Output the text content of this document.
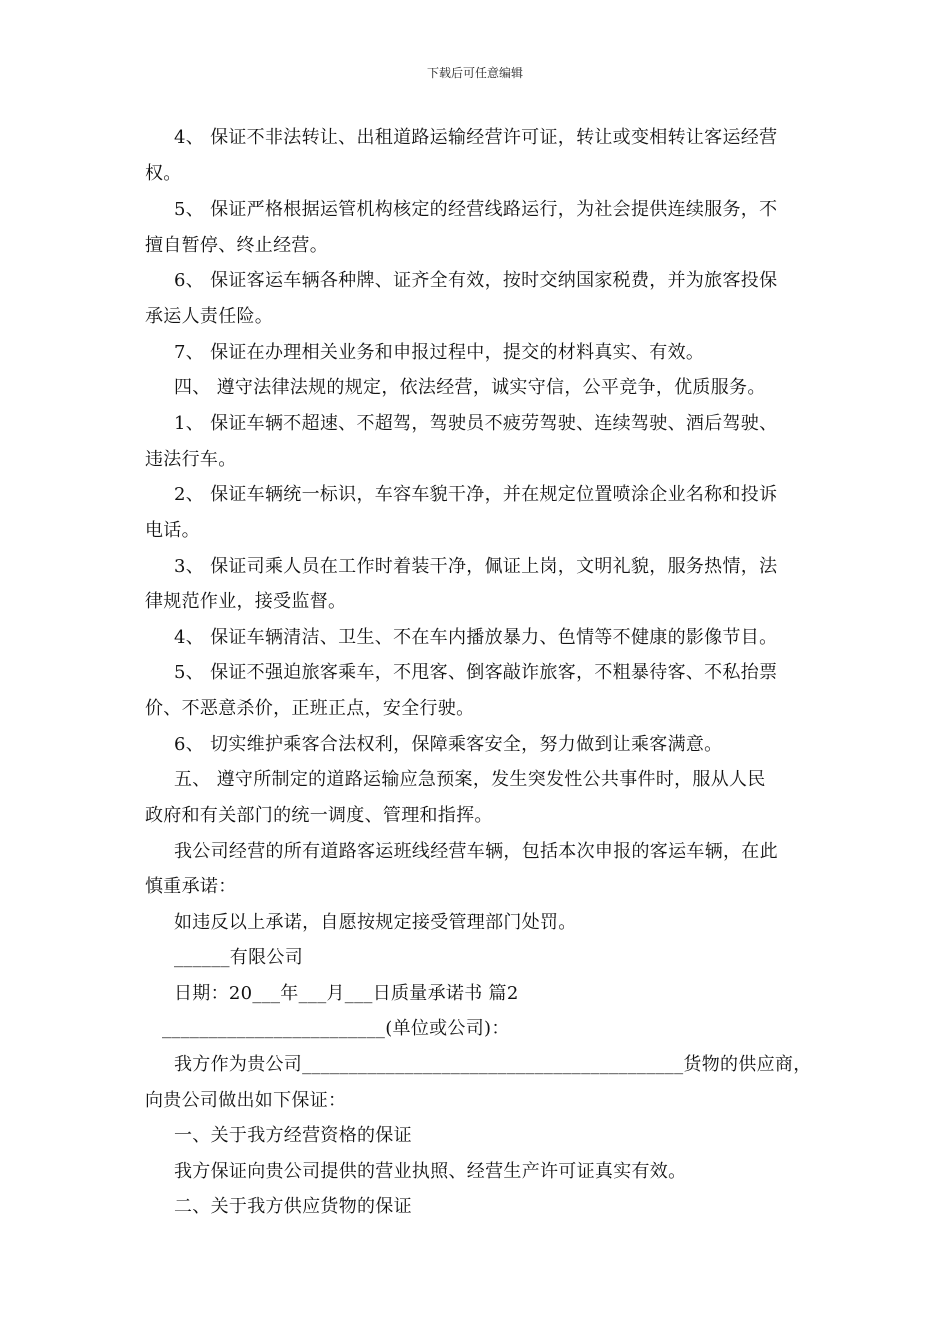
下载后可任意编辑
4、 保证不非法转让、出租道路运输经营许可证，转让或变相转让客运经营
权。
5、 保证严格根据运管机构核定的经营线路运行，为社会提供连续服务，不
擅自暂停、终止经营。
6、 保证客运车辆各种牌、证齐全有效，按时交纳国家税费，并为旅客投保
承运人责任险。
7、 保证在办理相关业务和申报过程中，提交的材料真实、有效。
四、 遵守法律法规的规定，依法经营，诚实守信，公平竞争，优质服务。
1、 保证车辆不超速、不超驾，驾驶员不疲劳驾驶、连续驾驶、酒后驾驶、
违法行车。
2、 保证车辆统一标识，车容车貌干净，并在规定位置喷涂企业名称和投诉
电话。
3、 保证司乘人员在工作时着装干净，佩证上岗，文明礼貌，服务热情，法
律规范作业，接受监督。
4、 保证车辆清洁、卫生、不在车内播放暴力、色情等不健康的影像节目。
5、 保证不强迫旅客乘车，不甩客、倒客敲诈旅客，不粗暴待客、不私抬票
价、不恶意杀价，正班正点，安全行驶。
6、 切实维护乘客合法权利，保障乘客安全，努力做到让乘客满意。
五、 遵守所制定的道路运输应急预案，发生突发性公共事件时，服从人民
政府和有关部门的统一调度、管理和指挥。
我公司经营的所有道路客运班线经营车辆，包括本次申报的客运车辆，在此
慎重承诺：
如违反以上承诺，自愿按规定接受管理部门处罚。
______有限公司
日期：20___年___月___日质量承诺书 篇2
________________________(单位或公司)：
我方作为贵公司_________________________________________货物的供应商，
向贵公司做出如下保证：
一、关于我方经营资格的保证
我方保证向贵公司提供的营业执照、经营生产许可证真实有效。
二、关于我方供应货物的保证
